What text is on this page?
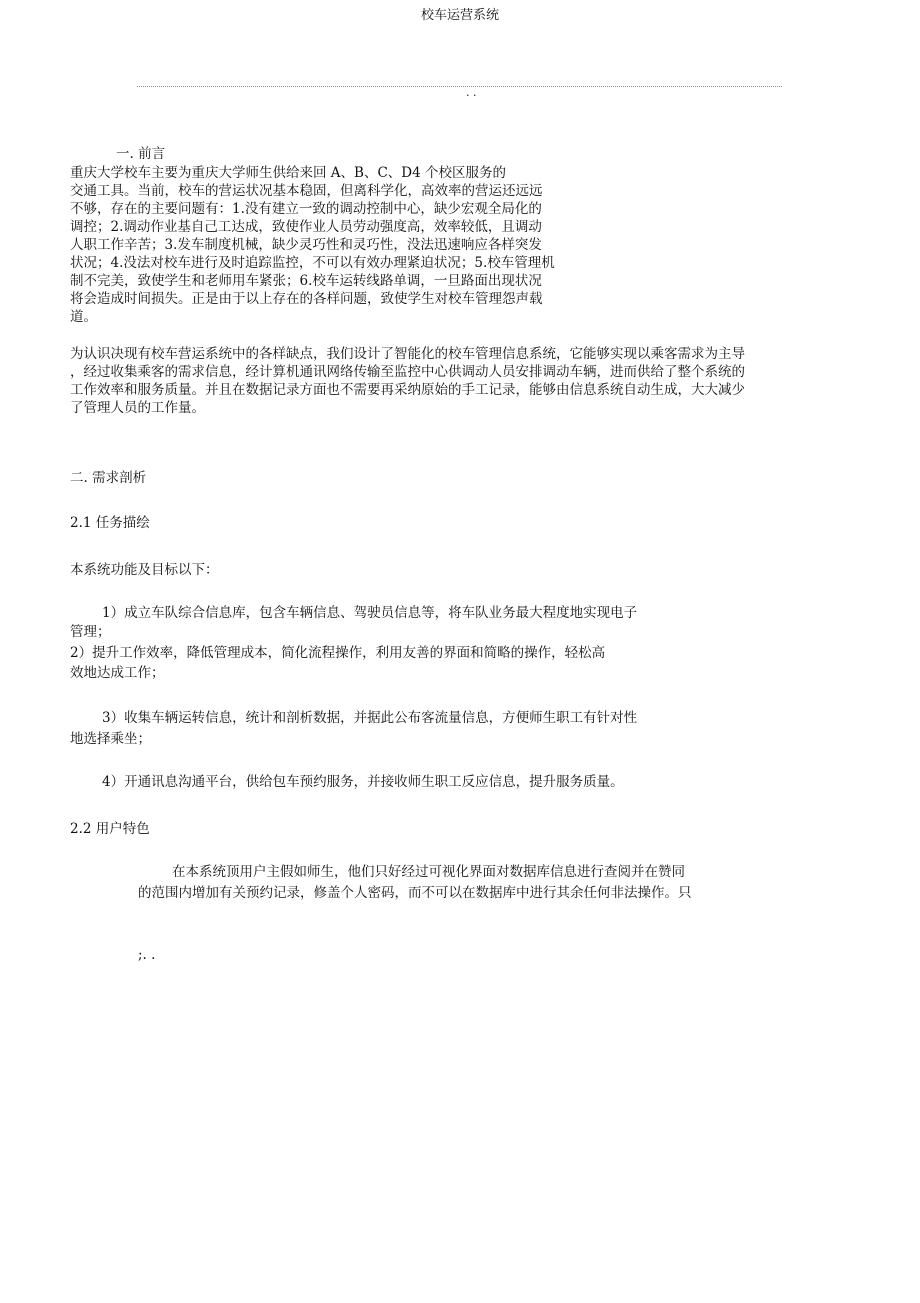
校车运营系统
. .
一. 前言
重庆大学校车主要为重庆大学师生供给来回 A、B、C、D4 个校区服务的
交通工具。当前，校车的营运状况基本稳固，但离科学化，高效率的营运还远远
不够，存在的主要问题有：1.没有建立一致的调动控制中心，缺少宏观全局化的
调控；2.调动作业基自己工达成，致使作业人员劳动强度高，效率较低，且调动
人职工作辛苦；3.发车制度机械，缺少灵巧性和灵巧性，没法迅速响应各样突发
状况；4.没法对校车进行及时追踪监控，不可以有效办理紧迫状况；5.校车管理机
制不完美，致使学生和老师用车紧张；6.校车运转线路单调，一旦路面出现状况
将会造成时间损失。正是由于以上存在的各样问题，致使学生对校车管理怨声载
道。
为认识决现有校车营运系统中的各样缺点，我们设计了智能化的校车管理信息系统，它能够实现以乘客需求为主导
，经过收集乘客的需求信息，经计算机通讯网络传输至监控中心供调动人员安排调动车辆，进而供给了整个系统的
工作效率和服务质量。并且在数据记录方面也不需要再采纳原始的手工记录，能够由信息系统自动生成，大大减少
了管理人员的工作量。
二. 需求剖析
2.1 任务描绘
本系统功能及目标以下：
1）成立车队综合信息库，包含车辆信息、驾驶员信息等，将车队业务最大程度地实现电子
管理；
2）提升工作效率，降低管理成本，简化流程操作，利用友善的界面和简略的操作，轻松高
效地达成工作；
3）收集车辆运转信息，统计和剖析数据，并据此公布客流量信息，方便师生职工有针对性
地选择乘坐；
4）开通讯息沟通平台，供给包车预约服务，并接收师生职工反应信息，提升服务质量。
2.2 用户特色
在本系统顶用户主假如师生，他们只好经过可视化界面对数据库信息进行查阅并在赞同
的范围内增加有关预约记录，修盖个人密码，而不可以在数据库中进行其余任何非法操作。只
;. .
